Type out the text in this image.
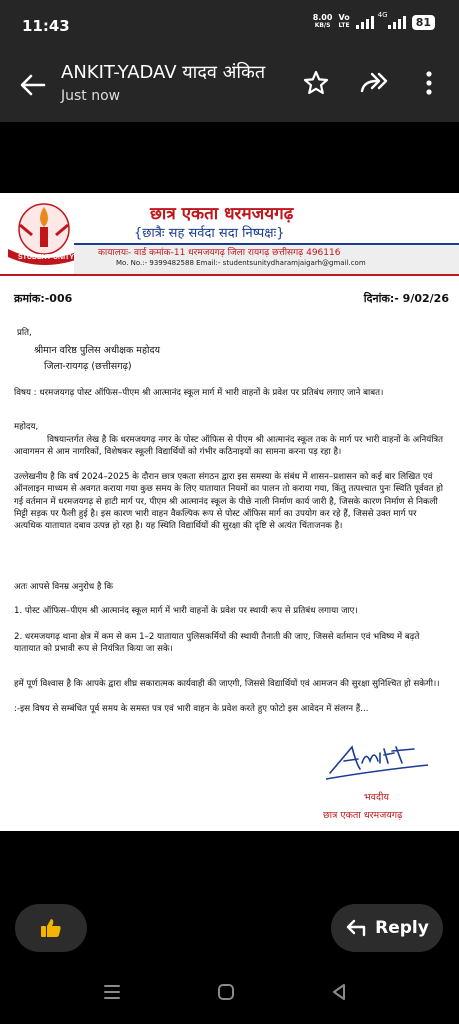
11:43	8.00
KB/S
Vo
LTE
4G
81
ANKIT-YADAV यादव अंकित
Just now
STUDENT UNITY
छात्र एकता धरमजयगढ़
{छात्रैः सह सर्वदा सदा निष्पक्षः}
कायालयः- वार्ड कमांक-11 धरमजयगढ़ जिला रायगढ़ छत्तीसगढ़ 496116
Mo. No.:- 9399482588 Email:- studentsunitydharamjaigarh@gmail.com
क्रमांक:-006	दिनांक:- 9/02/26
प्रति,
श्रीमान वरिष्ठ पुलिस अधीक्षक महोदय
जिला-रायगढ़ (छत्तीसगढ़)
विषय : धरमजयगढ़ पोस्ट ऑफिस–पीएम श्री आत्मानंद स्कूल मार्ग में भारी वाहनों के प्रवेश पर प्रतिबंध लगाए जाने बाबत।
महोदय,
विषयान्तर्गत लेख है कि धरमजयगढ़ नगर के पोस्ट ऑफिस से पीएम श्री आत्मानंद स्कूल तक के मार्ग पर भारी वाहनों के अनियंत्रित आवागमन से आम नागरिकों, विशेषकर स्कूली विद्यार्थियों को गंभीर कठिनाइयों का सामना करना पड़ रहा है।
उल्लेखनीय है कि वर्ष 2024–2025 के दौरान छात्र एकता संगठन द्वारा इस समस्या के संबंध में शासन–प्रशासन को कई बार लिखित एवं ऑनलाइन माध्यम से अवगत कराया गया कुछ समय के लिए यातायात नियमों का पालन तो कराया गया, किंतु तत्पश्चात पुनः स्थिति पूर्ववत हो गई वर्तमान में धरमजयगढ़ से हाटी मार्ग पर, पीएम श्री आत्मानंद स्कूल के पीछे नाली निर्माण कार्य जारी है, जिसके कारण निर्माण से निकली मिट्टी सड़क पर फैली हुई है। इस कारण भारी वाहन वैकल्पिक रूप से पोस्ट ऑफिस मार्ग का उपयोग कर रहे हैं, जिससे उक्त मार्ग पर अत्यधिक यातायात दबाव उत्पन्न हो रहा है। यह स्थिति विद्यार्थियों की सुरक्षा की दृष्टि से अत्यंत चिंताजनक है।
अतः आपसे विनम्र अनुरोध है कि
1. पोस्ट ऑफिस–पीएम श्री आत्मानंद स्कूल मार्ग में भारी वाहनों के प्रवेश पर स्थायी रूप से प्रतिबंध लगाया जाए।
2. धरमजयगढ़ थाना क्षेत्र में कम से कम 1–2 यातायात पुलिसकर्मियों की स्थायी तैनाती की जाए, जिससे वर्तमान एवं भविष्य में बढ़ते यातायात को प्रभावी रूप से नियंत्रित किया जा सके।
हमें पूर्ण विश्वास है कि आपके द्वारा शीघ्र सकारात्मक कार्यवाही की जाएगी, जिससे विद्यार्थियों एवं आमजन की सुरक्षा सुनिश्चित हो सकेगी।।
:-इस विषय से सम्बंधित पूर्व समय के समस्त पत्र एवं भारी वाहन के प्रवेश करते हुए फोटो इस आवेदन में संलग्न हैं...
भवदीय
छात्र एकता धरमजयगढ़
Reply
